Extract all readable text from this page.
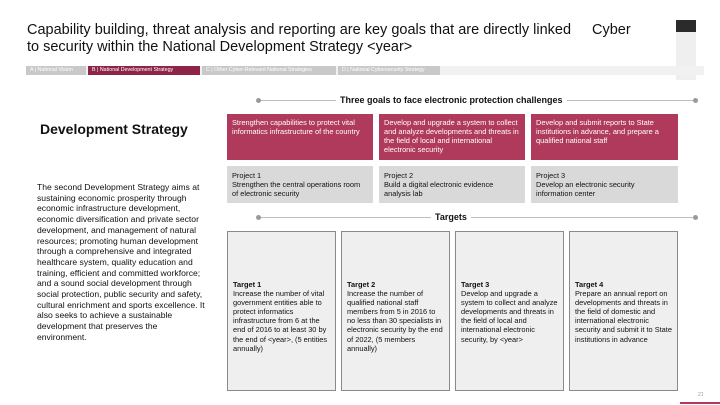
Capability building, threat analysis and reporting are key goals that are directly linked to security within the National Development Strategy <year>
Cyber
A | National Vision	B | National Development Strategy	C | Other Cyber-Relevant National Strategies	D | National Cybersecurity Strategy
Three goals to face electronic protection challenges
Development Strategy
The second Development Strategy aims at sustaining economic prosperity through economic infrastructure development, economic diversification and private sector development, and management of natural resources; promoting human development through a comprehensive and integrated healthcare system, quality education and training, efficient and committed workforce; and a sound social development through social protection, public security and safety, cultural enrichment and sports excellence. It also seeks to achieve a sustainable development that preserves the environment.
Strengthen capabilities to protect vital informatics infrastructure of the country
Develop and upgrade a system to collect and analyze developments and threats in the field of local and international electronic security
Develop and submit reports to State institutions in advance, and prepare a qualified national staff
Project 1
Strengthen the central operations room of electronic security
Project 2
Build a digital electronic evidence analysis lab
Project 3
Develop an electronic security information center
Targets
Target 1
Increase the number of vital government entities able to protect informatics infrastructure from 6 at the end of 2016 to at least 30 by the end of <year>, (5 entities annually)
Target 2
Increase the number of qualified national staff members from 5 in 2016 to no less than 30 specialists in electronic security by the end of 2022, (5 members annually)
Target 3
Develop and upgrade a system to collect and analyze developments and threats in the field of local and international electronic security, by <year>
Target 4
Prepare an annual report on developments and threats in the field of domestic and international electronic security and submit it to State institutions in advance
21
